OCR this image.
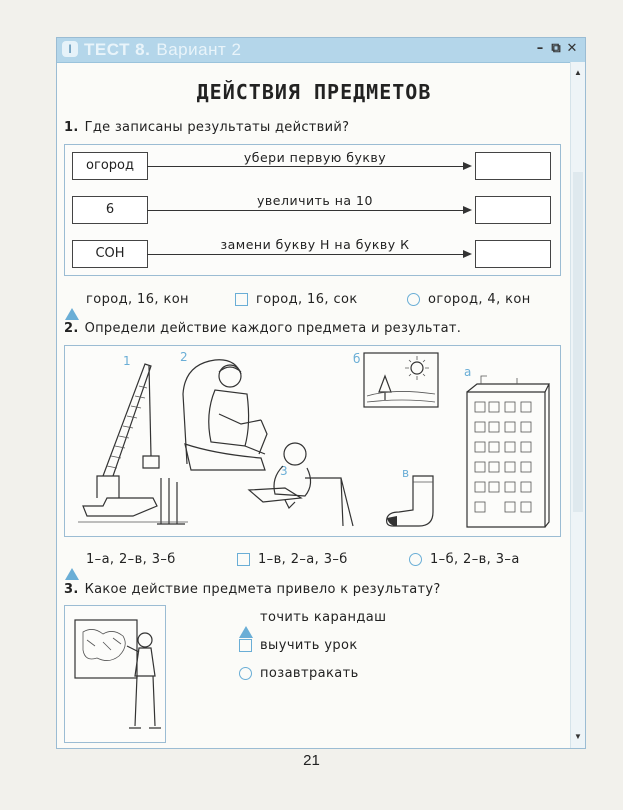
I ТЕСТ 8. Вариант 2	– ⧉ ✕
▲
▼
ДЕЙСТВИЯ ПРЕДМЕТОВ
1. Где записаны результаты действий?
огород
убери первую букву
6
увеличить на 10
СОН
замени букву Н на букву К
город, 16, кон	город, 16, сок	огород, 4, кон
2. Определи действие каждого предмета и результат.
1	2
3
б
а
в
1–а, 2–в, 3–б	1–в, 2–а, 3–б	1–б, 2–в, 3–а
3. Какое действие предмета привело к результату?
точить карандаш
выучить урок
позавтракать
21
